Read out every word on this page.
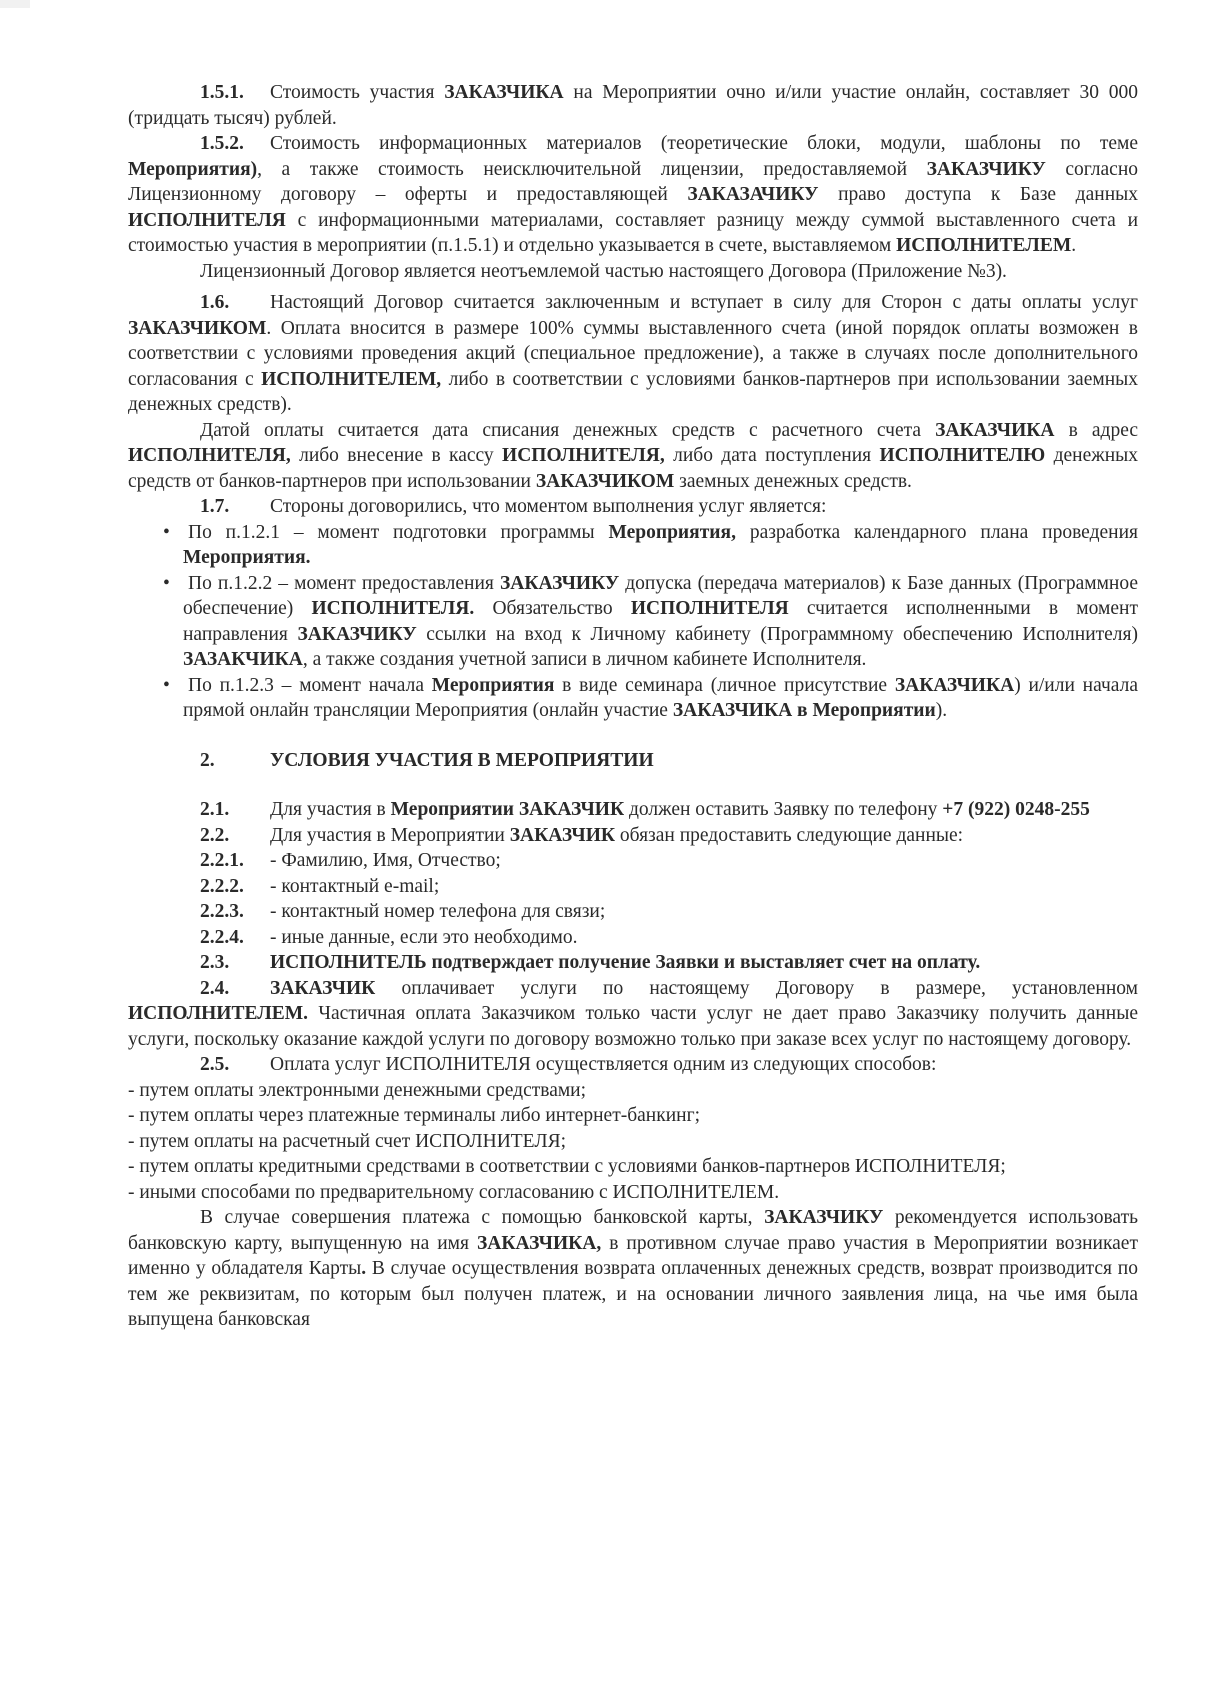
1.5.1. Стоимость участия ЗАКАЗЧИКА на Мероприятии очно и/или участие онлайн, составляет 30 000 (тридцать тысяч) рублей.

1.5.2. Стоимость информационных материалов (теоретические блоки, модули, шаблоны по теме Мероприятия), а также стоимость неисключительной лицензии, предоставляемой ЗАКАЗЧИКУ согласно Лицензионному договору – оферты и предоставляющей ЗАКАЗАЧИКУ право доступа к Базе данных ИСПОЛНИТЕЛЯ с информационными материалами, составляет разницу между суммой выставленного счета и стоимостью участия в мероприятии (п.1.5.1) и отдельно указывается в счете, выставляемом ИСПОЛНИТЕЛЕМ.

Лицензионный Договор является неотъемлемой частью настоящего Договора (Приложение №3).

1.6. Настоящий Договор считается заключенным и вступает в силу для Сторон с даты оплаты услуг ЗАКАЗЧИКОМ. Оплата вносится в размере 100% суммы выставленного счета (иной порядок оплаты возможен в соответствии с условиями проведения акций (специальное предложение), а также в случаях после дополнительного согласования с ИСПОЛНИТЕЛЕМ, либо в соответствии с условиями банков-партнеров при использовании заемных денежных средств).

Датой оплаты считается дата списания денежных средств с расчетного счета ЗАКАЗЧИКА в адрес ИСПОЛНИТЕЛЯ, либо внесение в кассу ИСПОЛНИТЕЛЯ, либо дата поступления ИСПОЛНИТЕЛЮ денежных средств от банков-партнеров при использовании ЗАКАЗЧИКОМ заемных денежных средств.

1.7. Стороны договорились, что моментом выполнения услуг является:

• По п.1.2.1 – момент подготовки программы Мероприятия, разработка календарного плана проведения Мероприятия.

• По п.1.2.2 – момент предоставления ЗАКАЗЧИКУ допуска (передача материалов) к Базе данных (Программное обеспечение) ИСПОЛНИТЕЛЯ. Обязательство ИСПОЛНИТЕЛЯ считается исполненными в момент направления ЗАКАЗЧИКУ ссылки на вход к Личному кабинету (Программному обеспечению Исполнителя) ЗАЗАКЧИКА, а также создания учетной записи в личном кабинете Исполнителя.

• По п.1.2.3 – момент начала Мероприятия в виде семинара (личное присутствие ЗАКАЗЧИКА) и/или начала прямой онлайн трансляции Мероприятия (онлайн участие ЗАКАЗЧИКА в Мероприятии).

2.	УСЛОВИЯ УЧАСТИЯ В МЕРОПРИЯТИИ

2.1. Для участия в Мероприятии ЗАКАЗЧИК должен оставить Заявку по телефону +7 (922) 0248-255

2.2. Для участия в Мероприятии ЗАКАЗЧИК обязан предоставить следующие данные:

2.2.1. - Фамилию, Имя, Отчество;

2.2.2. - контактный e-mail;

2.2.3. - контактный номер телефона для связи;

2.2.4. - иные данные, если это необходимо.

2.3. ИСПОЛНИТЕЛЬ подтверждает получение Заявки и выставляет счет на оплату.

2.4. ЗАКАЗЧИК оплачивает услуги по настоящему Договору в размере, установленном ИСПОЛНИТЕЛЕМ. Частичная оплата Заказчиком только части услуг не дает право Заказчику получить данные услуги, поскольку оказание каждой услуги по договору возможно только при заказе всех услуг по настоящему договору.

2.5. Оплата услуг ИСПОЛНИТЕЛЯ осуществляется одним из следующих способов:

- путем оплаты электронными денежными средствами;

- путем оплаты через платежные терминалы либо интернет-банкинг;

- путем оплаты на расчетный счет ИСПОЛНИТЕЛЯ;

- путем оплаты кредитными средствами в соответствии с условиями банков-партнеров ИСПОЛНИТЕЛЯ;

- иными способами по предварительному согласованию с ИСПОЛНИТЕЛЕМ.

В случае совершения платежа с помощью банковской карты, ЗАКАЗЧИКУ рекомендуется использовать банковскую карту, выпущенную на имя ЗАКАЗЧИКА, в противном случае право участия в Мероприятии возникает именно у обладателя Карты. В случае осуществления возврата оплаченных денежных средств, возврат производится по тем же реквизитам, по которым был получен платеж, и на основании личного заявления лица, на чье имя была выпущена банковская
